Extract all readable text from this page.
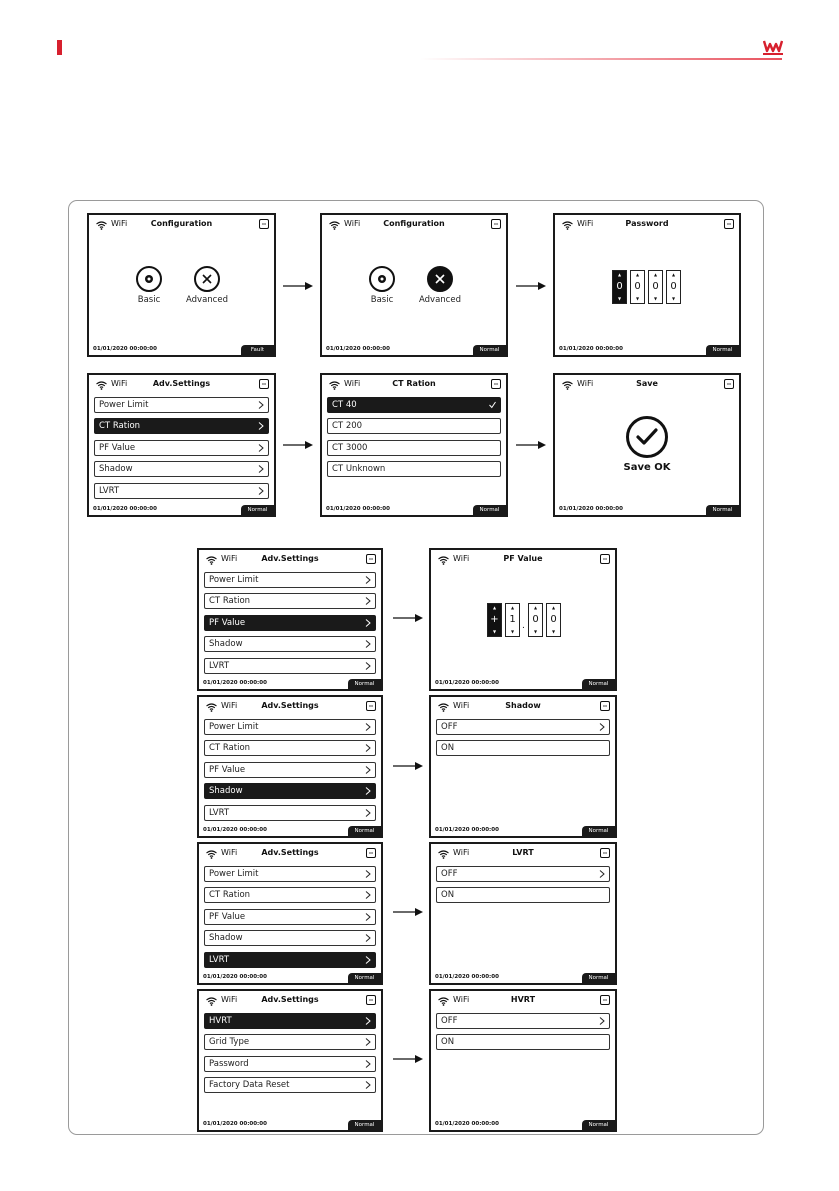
WiFi	Configuration	⚏
Basic	Advanced
01/01/2020 00:00:00	Fault
WiFi	Configuration	⚏
Basic	Advanced
01/01/2020 00:00:00	Normal
WiFi	Password	⚏
▲
0
▼
▲
0
▼
▲
0
▼
▲
0
▼
01/01/2020 00:00:00	Normal
WiFi	Adv.Settings	⚏
Power Limit
CT Ration
PF Value
Shadow
LVRT
01/01/2020 00:00:00	Normal
WiFi	CT Ration	⚏
CT 40
CT 200
CT 3000
CT Unknown
01/01/2020 00:00:00	Normal
WiFi	Save	⚏
Save OK
01/01/2020 00:00:00	Normal
WiFi	Adv.Settings	⚏
Power Limit
CT Ration
PF Value
Shadow
LVRT
01/01/2020 00:00:00	Normal
WiFi	PF Value	⚏
▲
+
▼
▲
1
▼
.
▲
0
▼
▲
0
▼
01/01/2020 00:00:00	Normal
WiFi	Adv.Settings	⚏
Power Limit
CT Ration
PF Value
Shadow
LVRT
01/01/2020 00:00:00	Normal
WiFi	Shadow	⚏
OFF
ON
01/01/2020 00:00:00	Normal
WiFi	Adv.Settings	⚏
Power Limit
CT Ration
PF Value
Shadow
LVRT
01/01/2020 00:00:00	Normal
WiFi	LVRT	⚏
OFF
ON
01/01/2020 00:00:00	Normal
WiFi	Adv.Settings	⚏
HVRT
Grid Type
Password
Factory Data Reset
01/01/2020 00:00:00	Normal
WiFi	HVRT	⚏
OFF
ON
01/01/2020 00:00:00	Normal
